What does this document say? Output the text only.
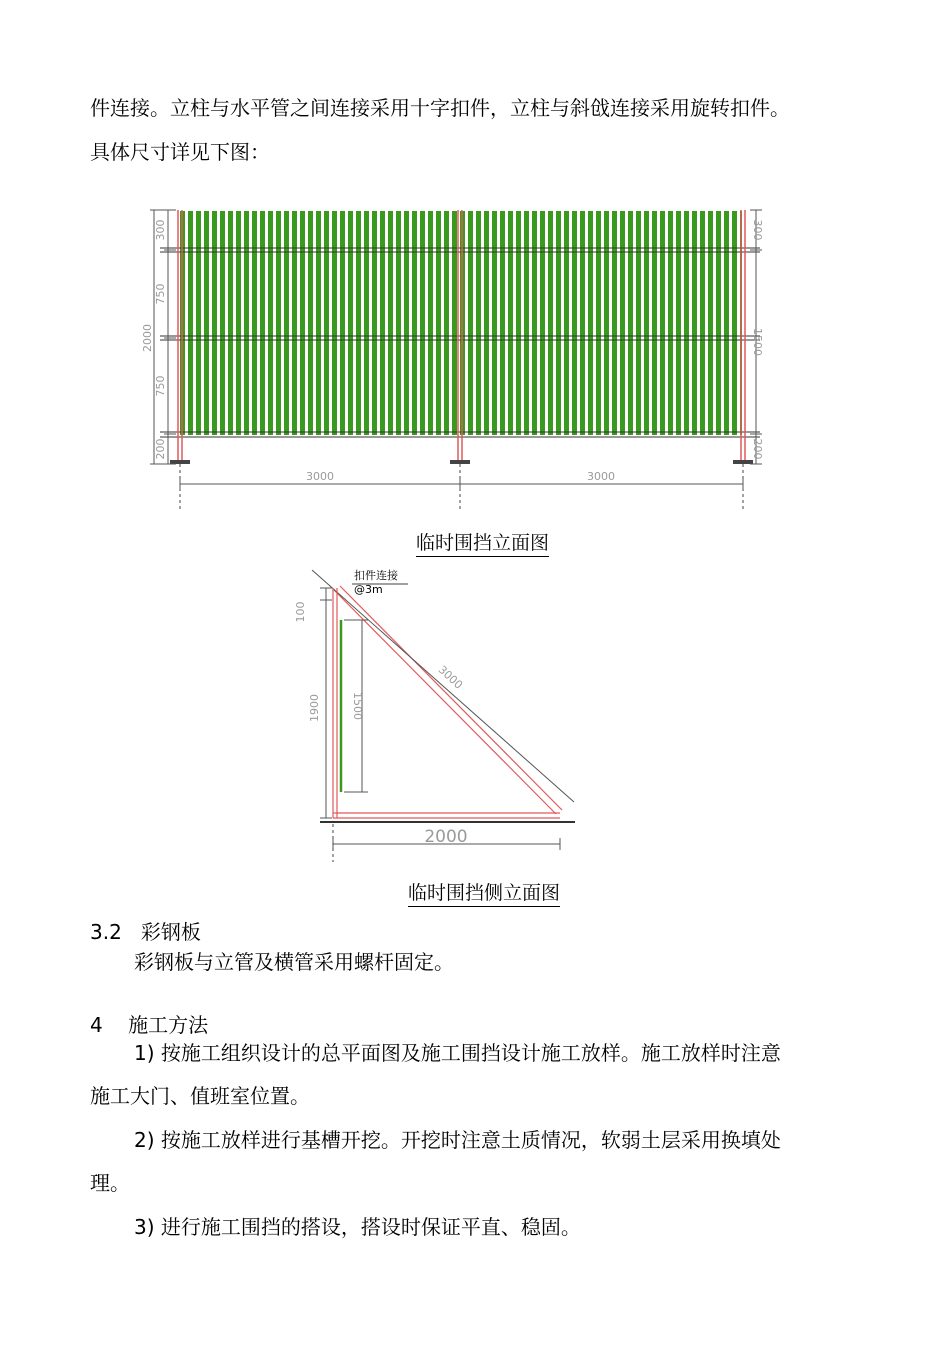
件连接。立柱与水平管之间连接采用十字扣件，立柱与斜戗连接采用旋转扣件。
具体尺寸详见下图：
300
750
750
200
2000
300
1500
200
3000	3000
临时围挡立面图
扣件连接
@3m
100
1900	1500
3000
2000
临时围挡侧立面图
3.2 彩钢板
彩钢板与立管及横管采用螺杆固定。
4 施工方法
1) 按施工组织设计的总平面图及施工围挡设计施工放样。施工放样时注意
施工大门、值班室位置。
2) 按施工放样进行基槽开挖。开挖时注意土质情况，软弱土层采用换填处
理。
3) 进行施工围挡的搭设，搭设时保证平直、稳固。
